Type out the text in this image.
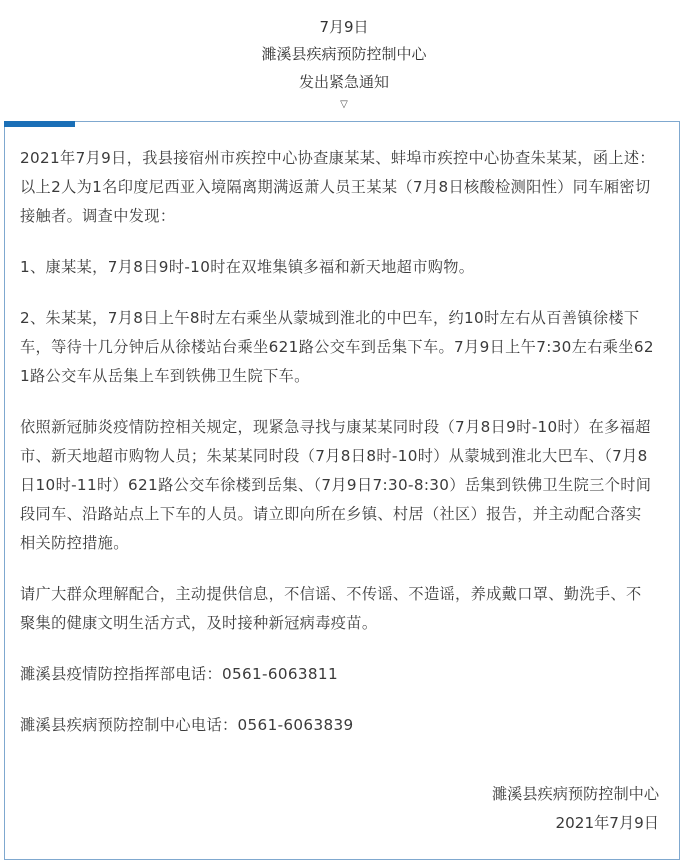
7月9日
濉溪县疾病预防控制中心
发出紧急通知
▽

2021年7月9日，我县接宿州市疾控中心协查康某某、蚌埠市疾控中心协查朱某某，函上述：以上2人为1名印度尼西亚入境隔离期满返萧人员王某某（7月8日核酸检测阳性）同车厢密切接触者。调查中发现：

1、康某某，7月8日9时-10时在双堆集镇多福和新天地超市购物。

2、朱某某，7月8日上午8时左右乘坐从蒙城到淮北的中巴车，约10时左右从百善镇徐楼下车，等待十几分钟后从徐楼站台乘坐621路公交车到岳集下车。7月9日上午7:30左右乘坐621路公交车从岳集上车到铁佛卫生院下车。

依照新冠肺炎疫情防控相关规定，现紧急寻找与康某某同时段（7月8日9时-10时）在多福超市、新天地超市购物人员；朱某某同时段（7月8日8时-10时）从蒙城到淮北大巴车、（7月8日10时-11时）621路公交车徐楼到岳集、（7月9日7:30-8:30）岳集到铁佛卫生院三个时间段同车、沿路站点上下车的人员。请立即向所在乡镇、村居（社区）报告，并主动配合落实相关防控措施。

请广大群众理解配合，主动提供信息，不信谣、不传谣、不造谣，养成戴口罩、勤洗手、不聚集的健康文明生活方式，及时接种新冠病毒疫苗。

濉溪县疫情防控指挥部电话：0561-6063811

濉溪县疾病预防控制中心电话：0561-6063839

濉溪县疾病预防控制中心
2021年7月9日
